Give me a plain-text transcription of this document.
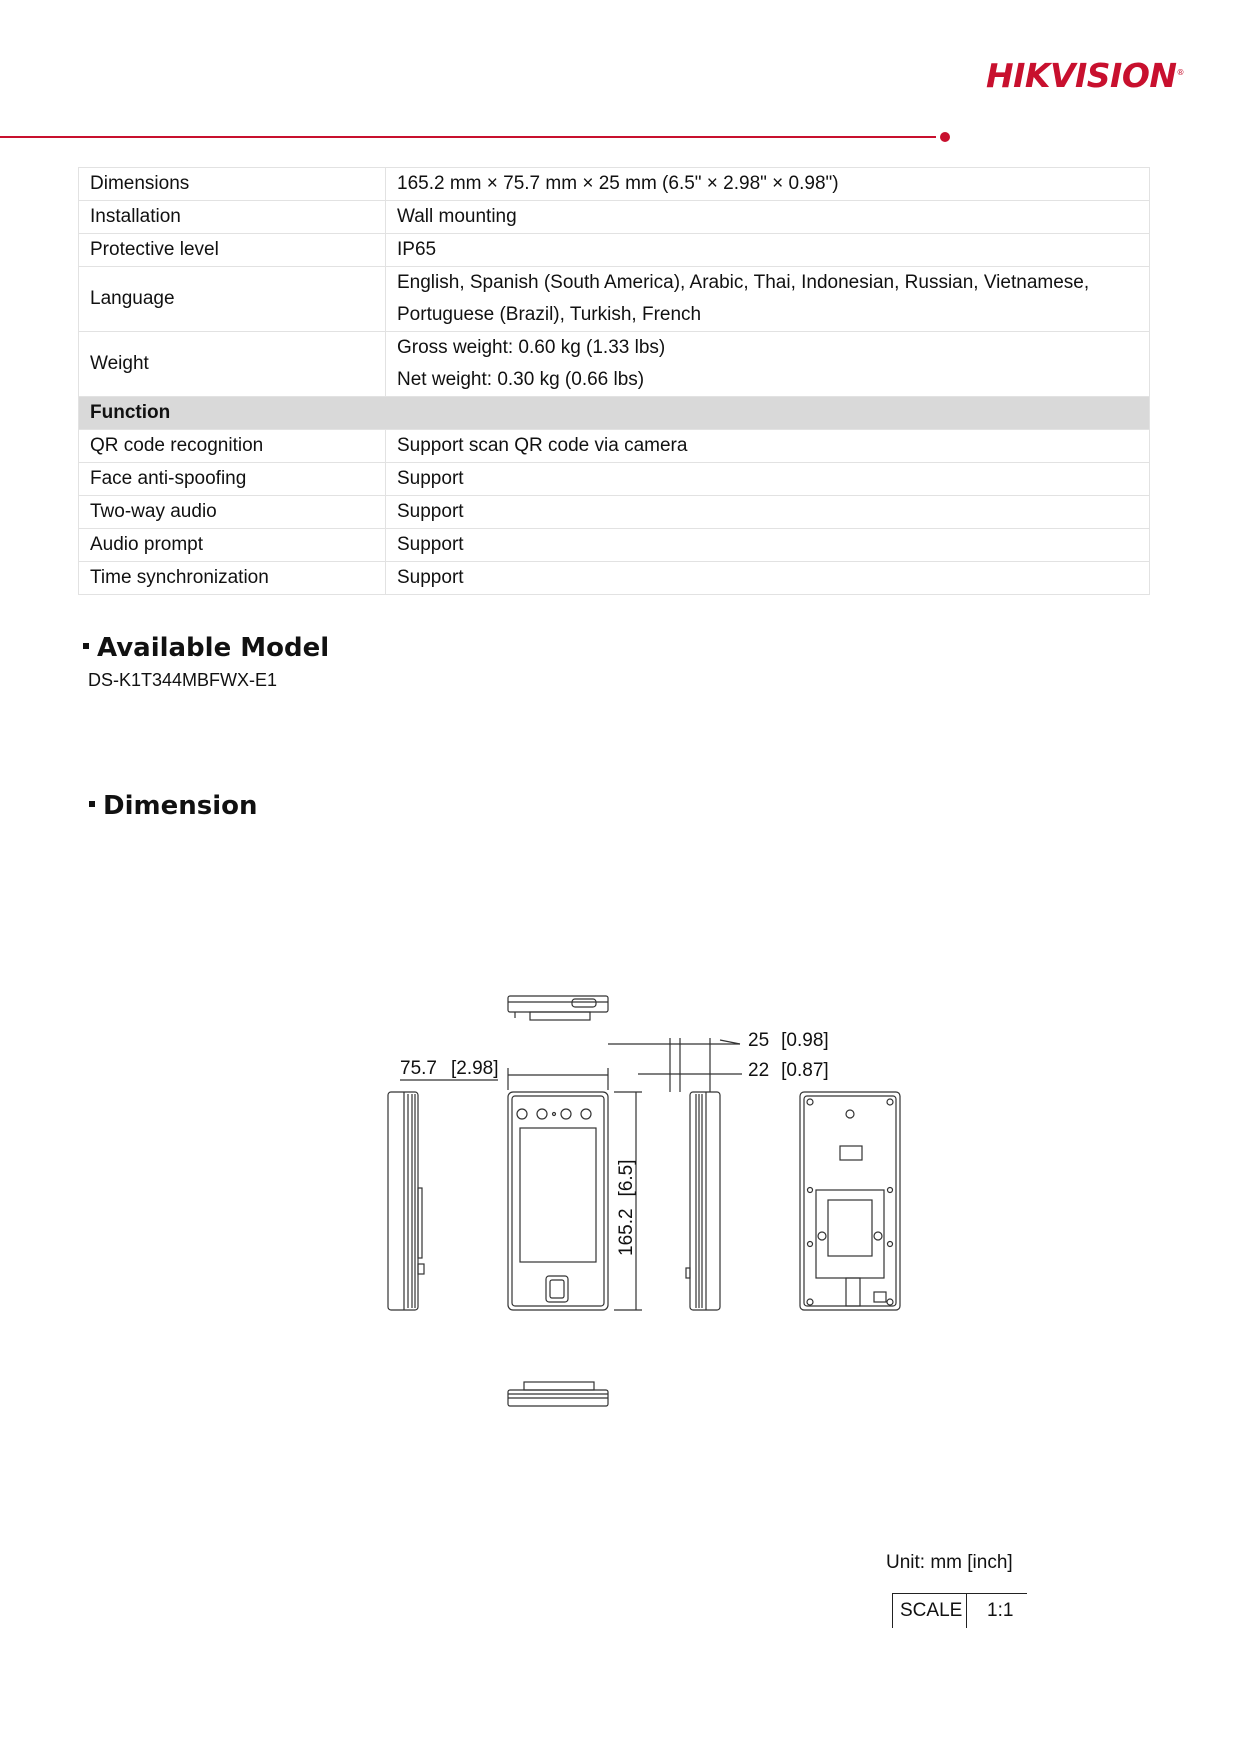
HIKVISION®
Dimensions	165.2 mm × 75.7 mm × 25 mm (6.5" × 2.98" × 0.98")
Installation	Wall mounting
Protective level	IP65
Language	English, Spanish (South America), Arabic, Thai, Indonesian, Russian, Vietnamese,
Portuguese (Brazil), Turkish, French

Weight	Gross weight: 0.60 kg (1.33 lbs)
Net weight: 0.30 kg (0.66 lbs)

Function	
QR code recognition	Support scan QR code via camera
Face anti-spoofing	Support
Two-way audio	Support
Audio prompt	Support
Time synchronization	Support
Available Model
DS-K1T344MBFWX-E1
Dimension
75.7 [2.98]
165.2[6.5]
25 [0.98]
22 [0.87]
Unit: mm [inch]
SCALE	1:1
